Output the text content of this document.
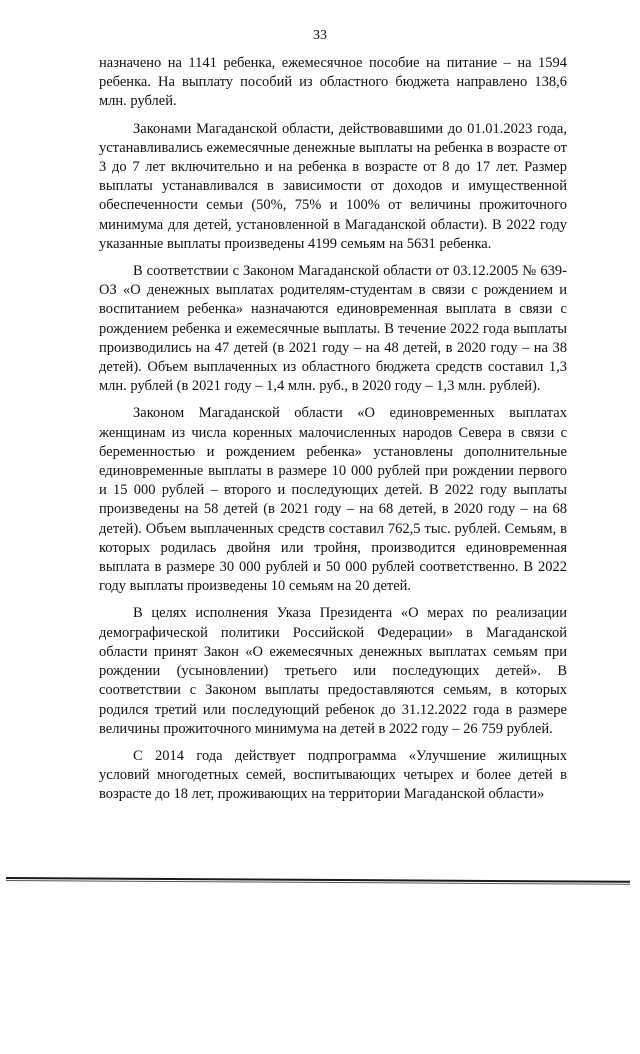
33

назначено на 1141 ребенка, ежемесячное пособие на питание – на 1594 ребенка. На выплату пособий из областного бюджета направлено 138,6 млн. рублей.

Законами Магаданской области, действовавшими до 01.01.2023 года, устанавливались ежемесячные денежные выплаты на ребенка в возрасте от 3 до 7 лет включительно и на ребенка в возрасте от 8 до 17 лет. Размер выплаты устанавливался в зависимости от доходов и имущественной обеспеченности семьи (50%, 75% и 100% от величины прожиточного минимума для детей, установленной в Магаданской области). В 2022 году указанные выплаты произведены 4199 семьям на 5631 ребенка.

В соответствии с Законом Магаданской области от 03.12.2005 № 639-ОЗ «О денежных выплатах родителям-студентам в связи с рождением и воспитанием ребенка» назначаются единовременная выплата в связи с рождением ребенка и ежемесячные выплаты. В течение 2022 года выплаты производились на 47 детей (в 2021 году – на 48 детей, в 2020 году – на 38 детей). Объем выплаченных из областного бюджета средств составил 1,3 млн. рублей (в 2021 году – 1,4 млн. руб., в 2020 году – 1,3 млн. рублей).

Законом Магаданской области «О единовременных выплатах женщинам из числа коренных малочисленных народов Севера в связи с беременностью и рождением ребенка» установлены дополнительные единовременные выплаты в размере 10 000 рублей при рождении первого и 15 000 рублей – второго и последующих детей. В 2022 году выплаты произведены на 58 детей (в 2021 году – на 68 детей, в 2020 году – на 68 детей). Объем выплаченных средств составил 762,5 тыс. рублей. Семьям, в которых родилась двойня или тройня, производится единовременная выплата в размере 30 000 рублей и 50 000 рублей соответственно. В 2022 году выплаты произведены 10 семьям на 20 детей.

В целях исполнения Указа Президента «О мерах по реализации демографической политики Российской Федерации» в Магаданской области принят Закон «О ежемесячных денежных выплатах семьям при рождении (усыновлении) третьего или последующих детей». В соответствии с Законом выплаты предоставляются семьям, в которых родился третий или последующий ребенок до 31.12.2022 года в размере величины прожиточного минимума на детей в 2022 году – 26 759 рублей.

С 2014 года действует подпрограмма «Улучшение жилищных условий многодетных семей, воспитывающих четырех и более детей в возрасте до 18 лет, проживающих на территории Магаданской области»
